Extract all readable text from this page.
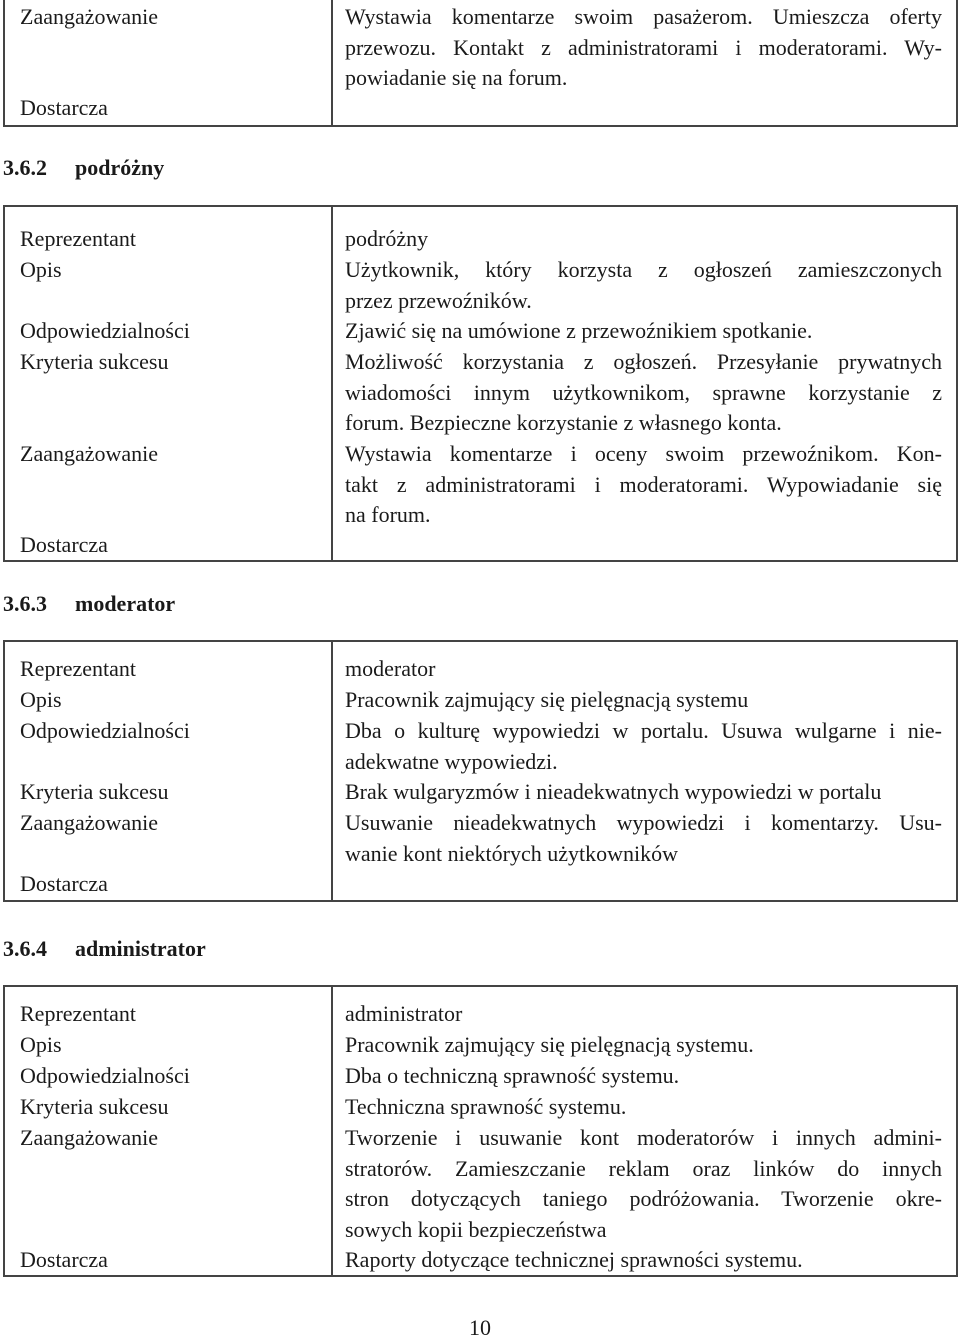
Zaangażowanie
Dostarcza
Wystawia komentarze swoim pasażerom. Umieszcza oferty
przewozu. Kontakt z administratorami i moderatorami. Wy-
powiadanie się na forum.
3.6.2 podróżny
Reprezentant
Opis
Odpowiedzialności
Kryteria sukcesu
Zaangażowanie
Dostarcza
podróżny
Użytkownik, który korzysta z ogłoszeń zamieszczonych
przez przewoźników.
Zjawić się na umówione z przewoźnikiem spotkanie.
Możliwość korzystania z ogłoszeń. Przesyłanie prywatnych
wiadomości innym użytkownikom, sprawne korzystanie z
forum. Bezpieczne korzystanie z własnego konta.
Wystawia komentarze i oceny swoim przewoźnikom. Kon-
takt z administratorami i moderatorami. Wypowiadanie się
na forum.
3.6.3 moderator
Reprezentant
Opis
Odpowiedzialności
Kryteria sukcesu
Zaangażowanie
Dostarcza
moderator
Pracownik zajmujący się pielęgnacją systemu
Dba o kulturę wypowiedzi w portalu. Usuwa wulgarne i nie-
adekwatne wypowiedzi.
Brak wulgaryzmów i nieadekwatnych wypowiedzi w portalu
Usuwanie nieadekwatnych wypowiedzi i komentarzy. Usu-
wanie kont niektórych użytkowników
3.6.4 administrator
Reprezentant
Opis
Odpowiedzialności
Kryteria sukcesu
Zaangażowanie
Dostarcza
administrator
Pracownik zajmujący się pielęgnacją systemu.
Dba o techniczną sprawność systemu.
Techniczna sprawność systemu.
Tworzenie i usuwanie kont moderatorów i innych admini-
stratorów. Zamieszczanie reklam oraz linków do innych
stron dotyczących taniego podróżowania. Tworzenie okre-
sowych kopii bezpieczeństwa
Raporty dotyczące technicznej sprawności systemu.
10
